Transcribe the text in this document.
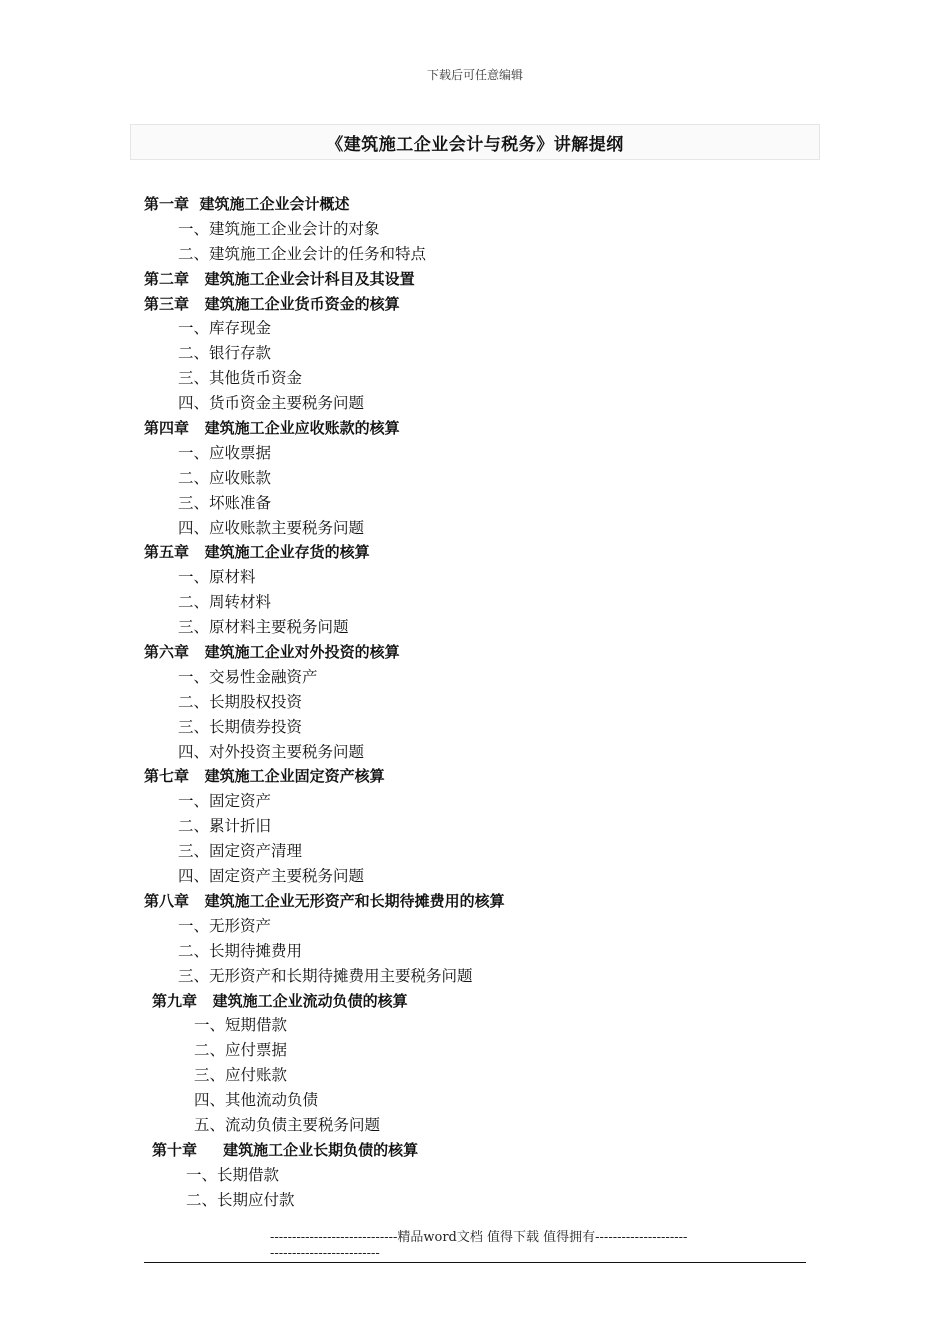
下载后可任意编辑
《建筑施工企业会计与税务》讲解提纲
第一章  建筑施工企业会计概述
一、建筑施工企业会计的对象
二、建筑施工企业会计的任务和特点
第二章   建筑施工企业会计科目及其设置
第三章   建筑施工企业货币资金的核算
一、库存现金
二、银行存款
三、其他货币资金
四、货币资金主要税务问题
第四章   建筑施工企业应收账款的核算
一、应收票据
二、应收账款
三、坏账准备
四、应收账款主要税务问题
第五章   建筑施工企业存货的核算
一、原材料
二、周转材料
三、原材料主要税务问题
第六章   建筑施工企业对外投资的核算
一、交易性金融资产
二、长期股权投资
三、长期债券投资
四、对外投资主要税务问题
第七章   建筑施工企业固定资产核算
一、固定资产
二、累计折旧
三、固定资产清理
四、固定资产主要税务问题
第八章   建筑施工企业无形资产和长期待摊费用的核算
一、无形资产
二、长期待摊费用
三、无形资产和长期待摊费用主要税务问题
第九章   建筑施工企业流动负债的核算
一、短期借款
二、应付票据
三、应付账款
四、其他流动负债
五、流动负债主要税务问题
第十章     建筑施工企业长期负债的核算
一、长期借款
二、长期应付款
-----------------------------精品word文档 值得下载 值得拥有----------------------------------------------
